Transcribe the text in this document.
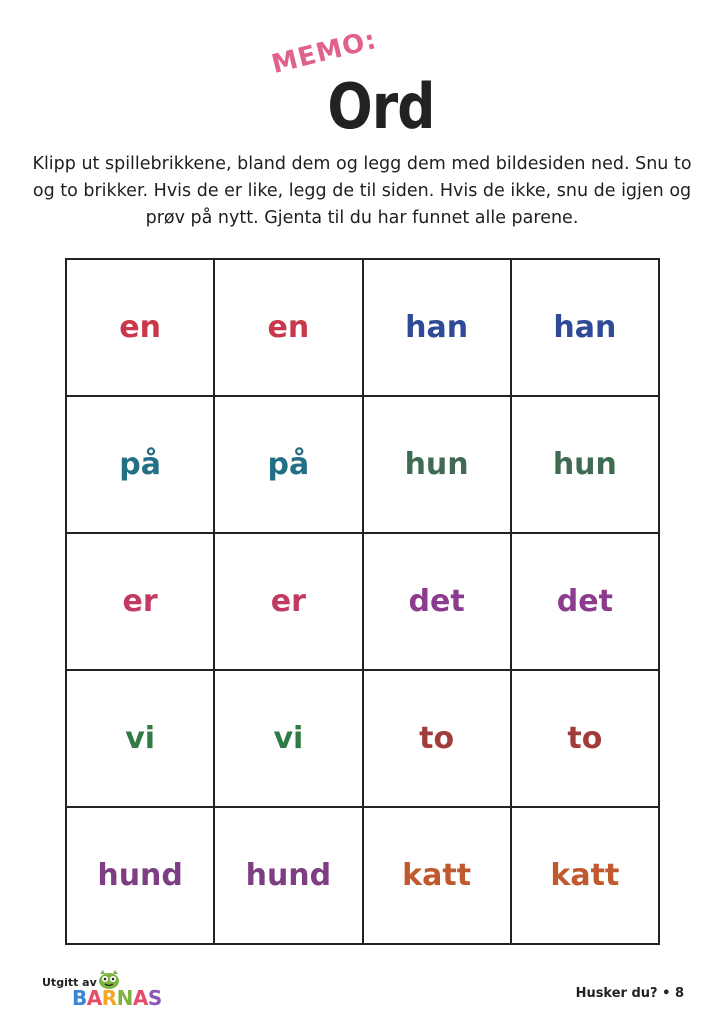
MEMO:
Ord
Klipp ut spillebrikkene, bland dem og legg dem med bildesiden ned. Snu to og to brikker. Hvis de er like, legg de til siden. Hvis de ikke, snu de igjen og prøv på nytt. Gjenta til du har funnet alle parene.
en	en	han	han
på	på	hun	hun
er	er	det	det
vi	vi	to	to
hund	hund	katt	katt
Utgitt av
BARNAS	Husker du? • 8
